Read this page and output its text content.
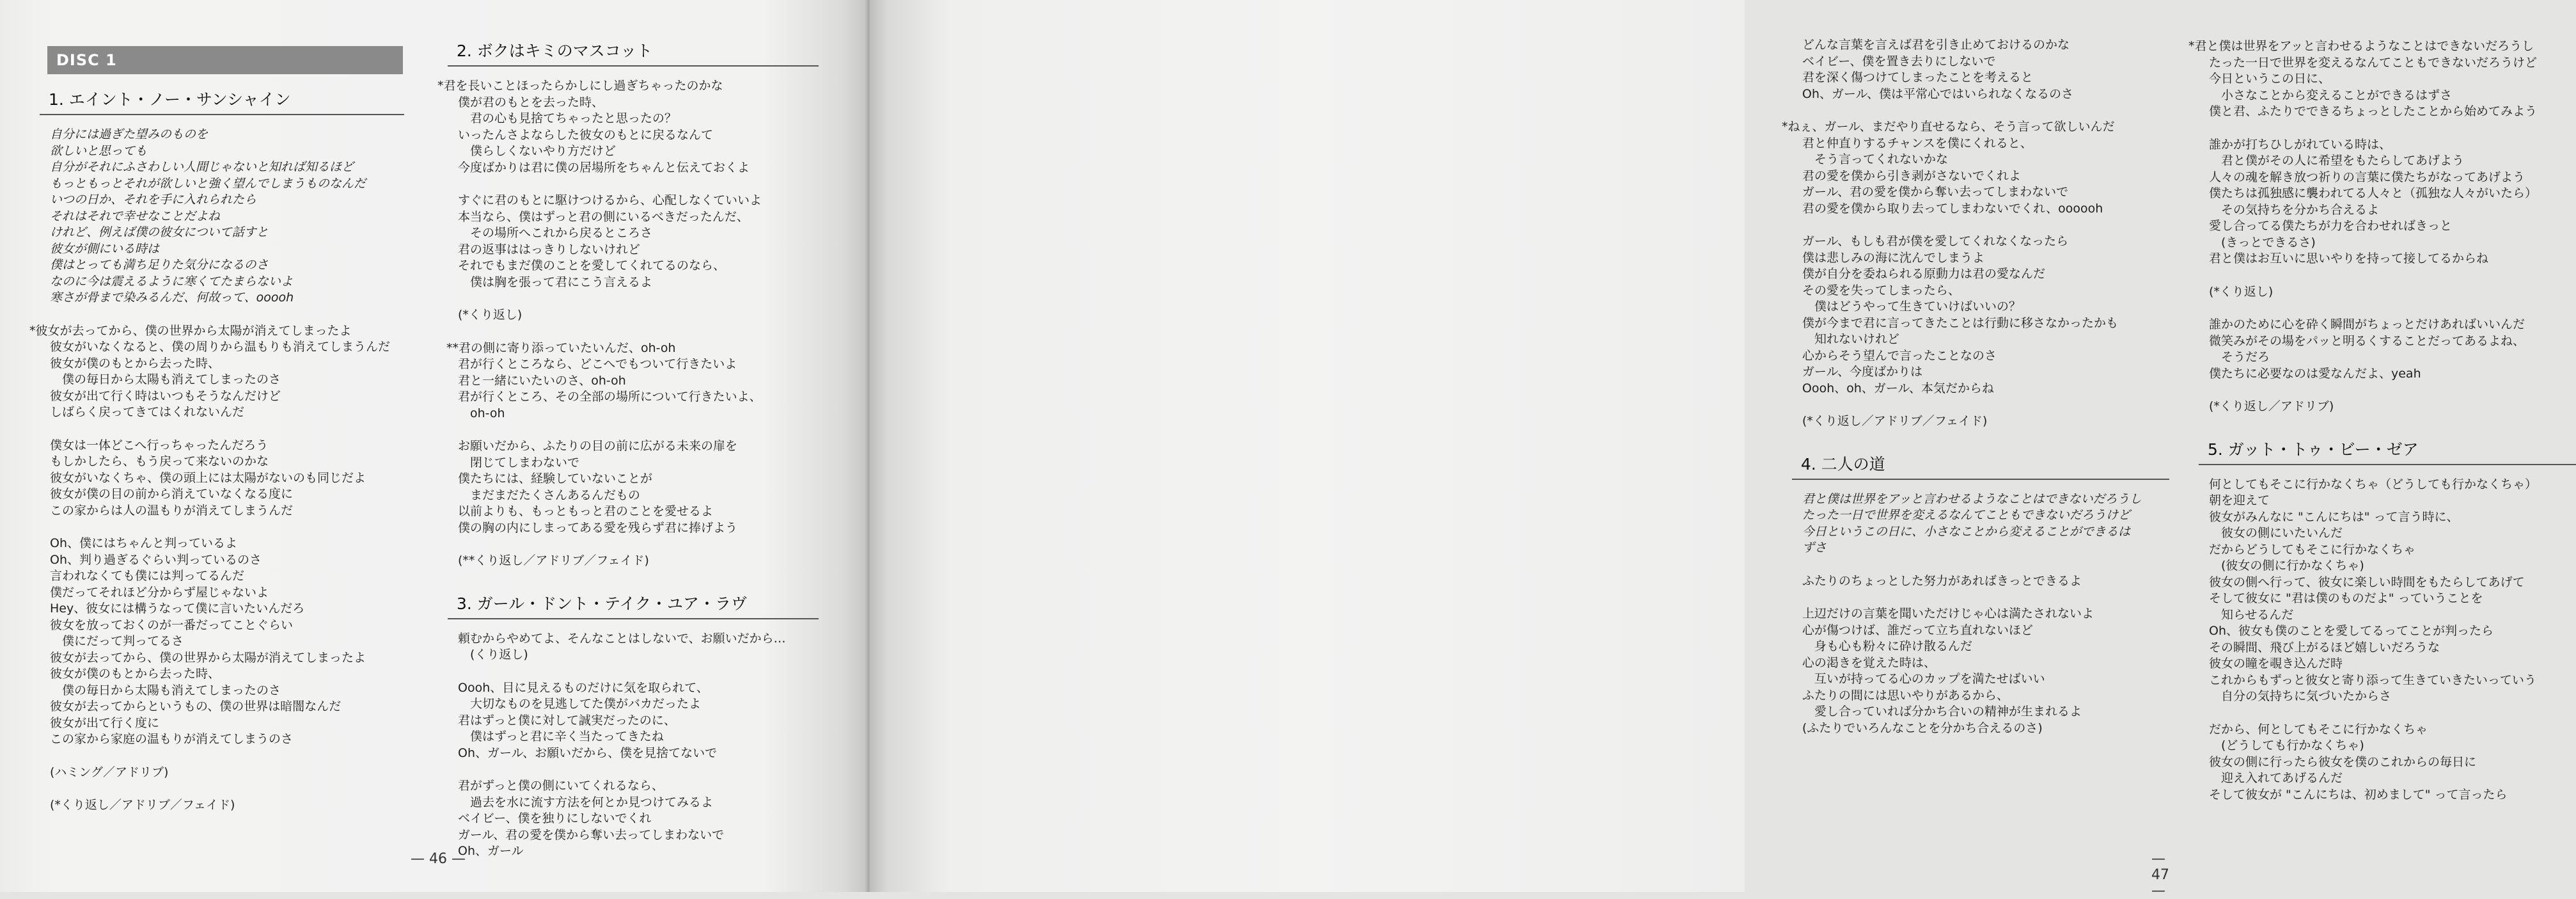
DISC 1
1. エイント・ノー・サンシャイン
自分には過ぎた望みのものを
欲しいと思っても
自分がそれにふさわしい人間じゃないと知れば知るほど
もっともっとそれが欲しいと強く望んでしまうものなんだ
いつの日か、それを手に入れられたら
それはそれで幸せなことだよね
けれど、例えば僕の彼女について話すと
彼女が側にいる時は
僕はとっても満ち足りた気分になるのさ
なのに今は震えるように寒くてたまらないよ
寒さが骨まで染みるんだ、何故って、ooooh
*彼女が去ってから、僕の世界から太陽が消えてしまったよ
彼女がいなくなると、僕の周りから温もりも消えてしまうんだ
彼女が僕のもとから去った時、
　僕の毎日から太陽も消えてしまったのさ
彼女が出て行く時はいつもそうなんだけど
しばらく戻ってきてはくれないんだ
僕女は一体どこへ行っちゃったんだろう
もしかしたら、もう戻って来ないのかな
彼女がいなくちゃ、僕の頭上には太陽がないのも同じだよ
彼女が僕の目の前から消えていなくなる度に
この家からは人の温もりが消えてしまうんだ
Oh、僕にはちゃんと判っているよ
Oh、判り過ぎるぐらい判っているのさ
言われなくても僕には判ってるんだ
僕だってそれほど分からず屋じゃないよ
Hey、彼女には構うなって僕に言いたいんだろ
彼女を放っておくのが一番だってことぐらい
　僕にだって判ってるさ
彼女が去ってから、僕の世界から太陽が消えてしまったよ
彼女が僕のもとから去った時、
　僕の毎日から太陽も消えてしまったのさ
彼女が去ってからというもの、僕の世界は暗闇なんだ
彼女が出て行く度に
この家から家庭の温もりが消えてしまうのさ
(ハミング／アドリブ)
(*くり返し／アドリブ／フェイド)
2. ボクはキミのマスコット
*君を長いことほったらかしにし過ぎちゃったのかな
僕が君のもとを去った時、
　君の心も見捨てちゃったと思ったの？
いったんさよならした彼女のもとに戻るなんて
　僕らしくないやり方だけど
今度ばかりは君に僕の居場所をちゃんと伝えておくよ
すぐに君のもとに駆けつけるから、心配しなくていいよ
本当なら、僕はずっと君の側にいるべきだったんだ、
　その場所へこれから戻るところさ
君の返事ははっきりしないけれど
それでもまだ僕のことを愛してくれてるのなら、
　僕は胸を張って君にこう言えるよ
(*くり返し)
**君の側に寄り添っていたいんだ、oh-oh
君が行くところなら、どこへでもついて行きたいよ
君と一緒にいたいのさ、oh-oh
君が行くところ、その全部の場所について行きたいよ、
　oh-oh
お願いだから、ふたりの目の前に広がる未来の扉を
　閉じてしまわないで
僕たちには、経験していないことが
　まだまだたくさんあるんだもの
以前よりも、もっともっと君のことを愛せるよ
僕の胸の内にしまってある愛を残らず君に捧げよう
(**くり返し／アドリブ／フェイド)
3. ガール・ドント・テイク・ユア・ラヴ
頼むからやめてよ、そんなことはしないで、お願いだから…
　(くり返し)
Oooh、目に見えるものだけに気を取られて、
　大切なものを見逃してた僕がバカだったよ
君はずっと僕に対して誠実だったのに、
　僕はずっと君に辛く当たってきたね
Oh、ガール、お願いだから、僕を見捨てないで
君がずっと僕の側にいてくれるなら、
　過去を水に流す方法を何とか見つけてみるよ
ベイビー、僕を独りにしないでくれ
ガール、君の愛を僕から奪い去ってしまわないで
Oh、ガール
— 46 —
どんな言葉を言えば君を引き止めておけるのかな
ベイビー、僕を置き去りにしないで
君を深く傷つけてしまったことを考えると
Oh、ガール、僕は平常心ではいられなくなるのさ
*ねぇ、ガール、まだやり直せるなら、そう言って欲しいんだ
君と仲直りするチャンスを僕にくれると、
　そう言ってくれないかな
君の愛を僕から引き剥がさないでくれよ
ガール、君の愛を僕から奪い去ってしまわないで
君の愛を僕から取り去ってしまわないでくれ、oooooh
ガール、もしも君が僕を愛してくれなくなったら
僕は悲しみの海に沈んでしまうよ
僕が自分を委ねられる原動力は君の愛なんだ
その愛を失ってしまったら、
　僕はどうやって生きていけばいいの？
僕が今まで君に言ってきたことは行動に移さなかったかも
　知れないけれど
心からそう望んで言ったことなのさ
ガール、今度ばかりは
Oooh、oh、ガール、本気だからね
(*くり返し／アドリブ／フェイド)
4. 二人の道
君と僕は世界をアッと言わせるようなことはできないだろうし
たった一日で世界を変えるなんてこともできないだろうけど
今日というこの日に、小さなことから変えることができるは
ずさ
ふたりのちょっとした努力があればきっとできるよ
上辺だけの言葉を聞いただけじゃ心は満たされないよ
心が傷つけば、誰だって立ち直れないほど
　身も心も粉々に砕け散るんだ
心の渇きを覚えた時は、
　互いが持ってる心のカップを満たせばいい
ふたりの間には思いやりがあるから、
　愛し合っていれば分かち合いの精神が生まれるよ
(ふたりでいろんなことを分かち合えるのさ)
*君と僕は世界をアッと言わせるようなことはできないだろうし
たった一日で世界を変えるなんてこともできないだろうけど
今日というこの日に、
　小さなことから変えることができるはずさ
僕と君、ふたりでできるちょっとしたことから始めてみよう
誰かが打ちひしがれている時は、
　君と僕がその人に希望をもたらしてあげよう
人々の魂を解き放つ祈りの言葉に僕たちがなってあげよう
僕たちは孤独感に襲われてる人々と（孤独な人々がいたら）
　その気持ちを分かち合えるよ
愛し合ってる僕たちが力を合わせればきっと
　(きっとできるさ)
君と僕はお互いに思いやりを持って接してるからね
(*くり返し)
誰かのために心を砕く瞬間がちょっとだけあればいいんだ
微笑みがその場をパッと明るくすることだってあるよね、
　そうだろ
僕たちに必要なのは愛なんだよ、yeah
(*くり返し／アドリブ)
5. ガット・トゥ・ビー・ゼア
何としてもそこに行かなくちゃ（どうしても行かなくちゃ）
朝を迎えて
彼女がみんなに "こんにちは" って言う時に、
　彼女の側にいたいんだ
だからどうしてもそこに行かなくちゃ
　(彼女の側に行かなくちゃ)
彼女の側へ行って、彼女に楽しい時間をもたらしてあげて
そして彼女に "君は僕のものだよ" っていうことを
　知らせるんだ
Oh、彼女も僕のことを愛してるってことが判ったら
その瞬間、飛び上がるほど嬉しいだろうな
彼女の瞳を覗き込んだ時
これからもずっと彼女と寄り添って生きていきたいっていう
　自分の気持ちに気づいたからさ
だから、何としてもそこに行かなくちゃ
　(どうしても行かなくちゃ)
彼女の側に行ったら彼女を僕のこれからの毎日に
　迎え入れてあげるんだ
そして彼女が "こんにちは、初めまして" って言ったら
— 47 —
